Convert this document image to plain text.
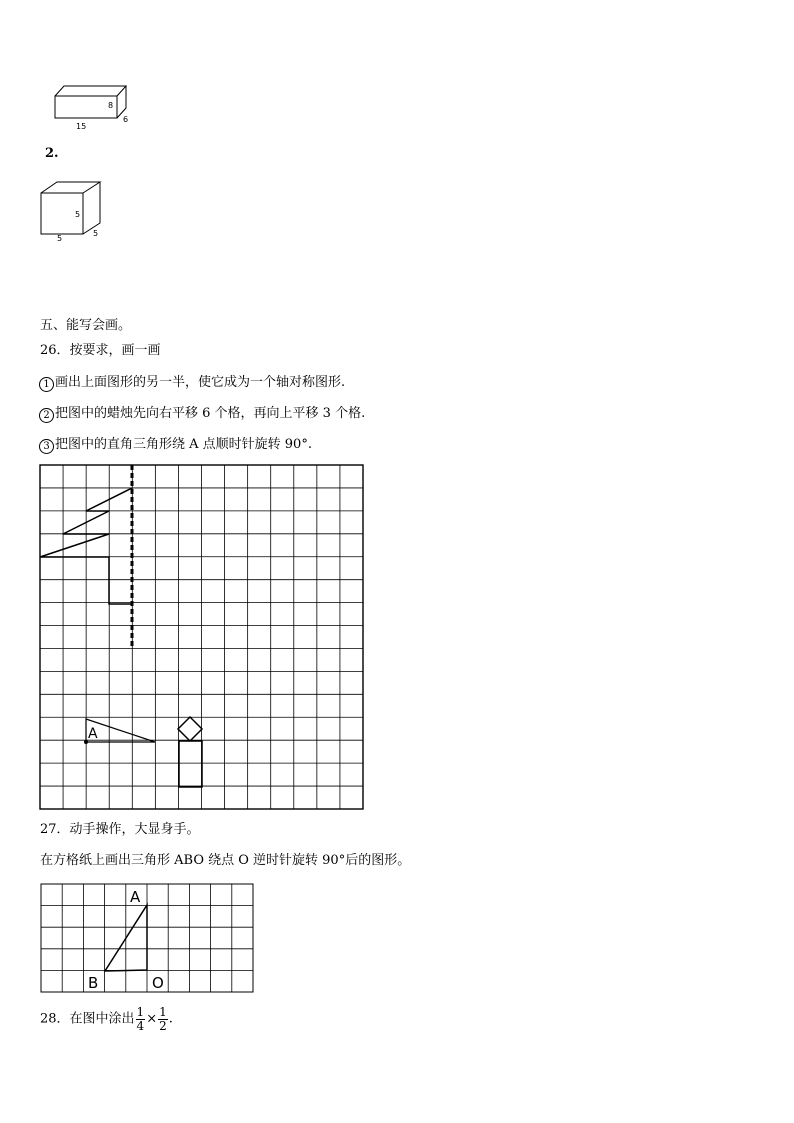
15
8
6
2.
5
5
5
五、能写会画。
26．按要求，画一画
1 画出上面图形的另一半，使它成为一个轴对称图形.
2 把图中的蜡烛先向右平移 6 个格，再向上平移 3 个格.
3 把图中的直角三角形绕 A 点顺时针旋转 90°.
A
27．动手操作，大显身手。
在方格纸上画出三角形 ABO 绕点 O 逆时针旋转 90°后的图形。
A
B	O
28．在图中涂出 $\frac{1}{4} \times \frac{1}{2}$ .
